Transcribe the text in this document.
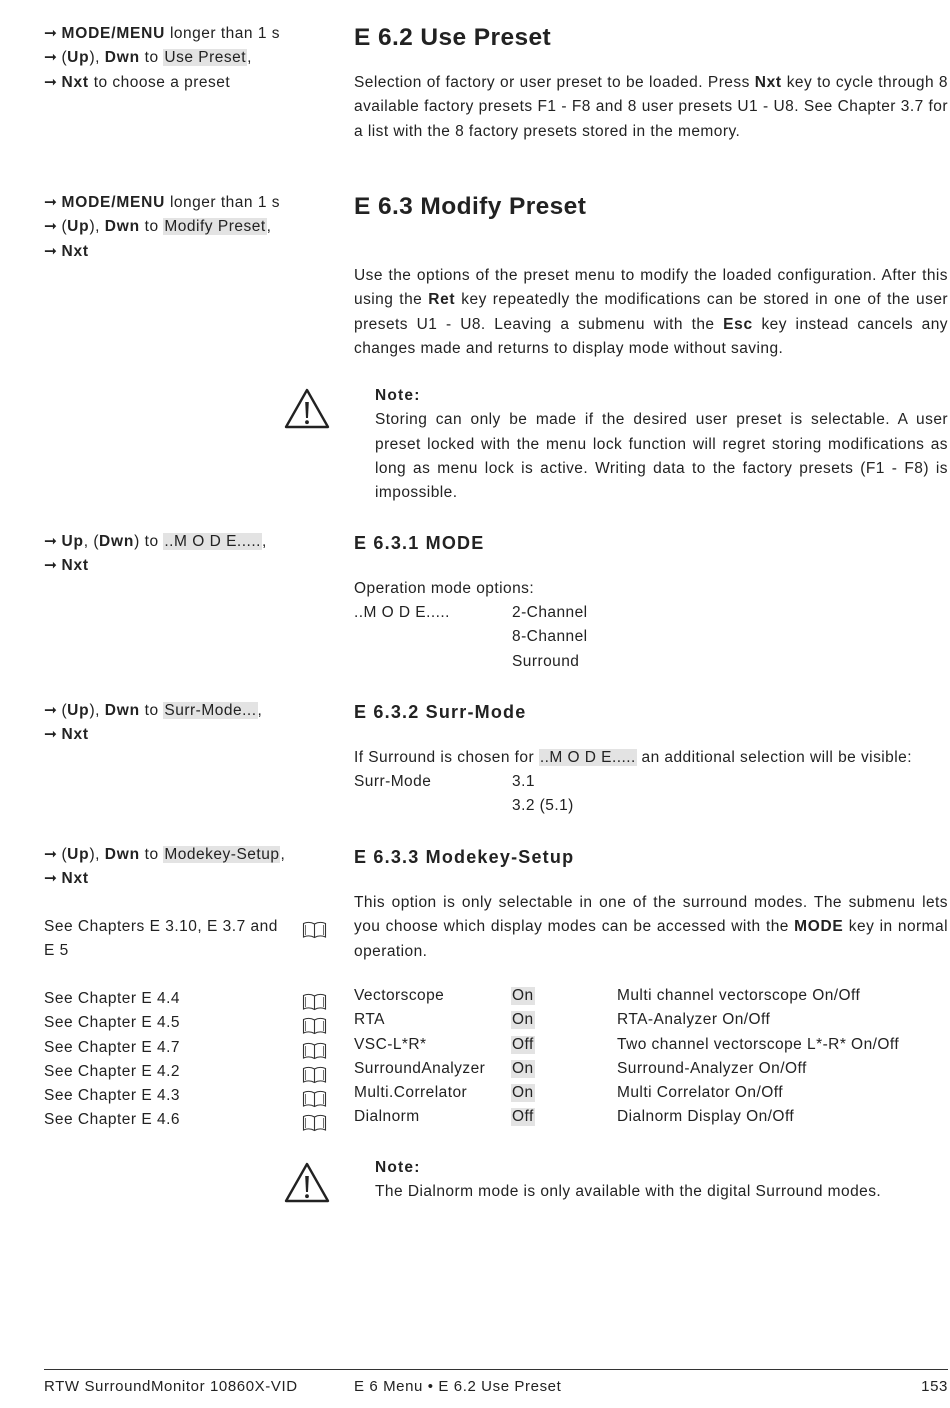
➞ MODE/MENU longer than 1 s
➞ (Up), Dwn to Use Preset,
➞ Nxt to choose a preset
E 6.2 Use Preset
Selection of factory or user preset to be loaded. Press Nxt key to cycle through 8 available factory presets F1 - F8 and 8 user presets U1 - U8. See Chapter 3.7 for a list with the 8 factory presets stored in the memory.
➞ MODE/MENU longer than 1 s
➞ (Up), Dwn to Modify Preset,
➞ Nxt
E 6.3 Modify Preset
Use the options of the preset menu to modify the loaded configuration. After this using the Ret key repeatedly the modifications can be stored in one of the user presets U1 - U8. Leaving a submenu with the Esc key instead cancels any changes made and returns to display mode without saving.
Note:
Storing can only be made if the desired user preset is selectable. A user preset locked with the menu lock function will regret storing modifications as long as menu lock is active. Writing data to the factory presets (F1 - F8) is impossible.
➞ Up, (Dwn) to ..M O D E.....,
➞ Nxt
E 6.3.1 MODE
Operation mode options:
..M O D E.....	2-Channel
8-Channel
Surround
➞ (Up), Dwn to Surr-Mode...,
➞ Nxt
E 6.3.2 Surr-Mode
If Surround is chosen for ..M O D E..... an additional selection will be visible:
Surr-Mode	3.1
3.2 (5.1)
➞ (Up), Dwn to Modekey-Setup,
➞ Nxt
See Chapters E 3.10, E 3.7 and E 5
E 6.3.3 Modekey-Setup
This option is only selectable in one of the surround modes. The submenu lets you choose which display modes can be accessed with the MODE key in normal operation.
See Chapter E 4.4	Vectorscope	On	Multi channel vectorscope On/Off
See Chapter E 4.5	RTA	On	RTA-Analyzer On/Off
See Chapter E 4.7	VSC-L*R*	Off	Two channel vectorscope L*-R* On/Off
See Chapter E 4.2	SurroundAnalyzer On	Surround-Analyzer On/Off
See Chapter E 4.3	Multi.Correlator	On	Multi Correlator On/Off
See Chapter E 4.6	Dialnorm	Off	Dialnorm Display On/Off
Note:
The Dialnorm mode is only available with the digital Surround modes.
RTW SurroundMonitor 10860X-VID	E 6 Menu • E 6.2 Use Preset	153
